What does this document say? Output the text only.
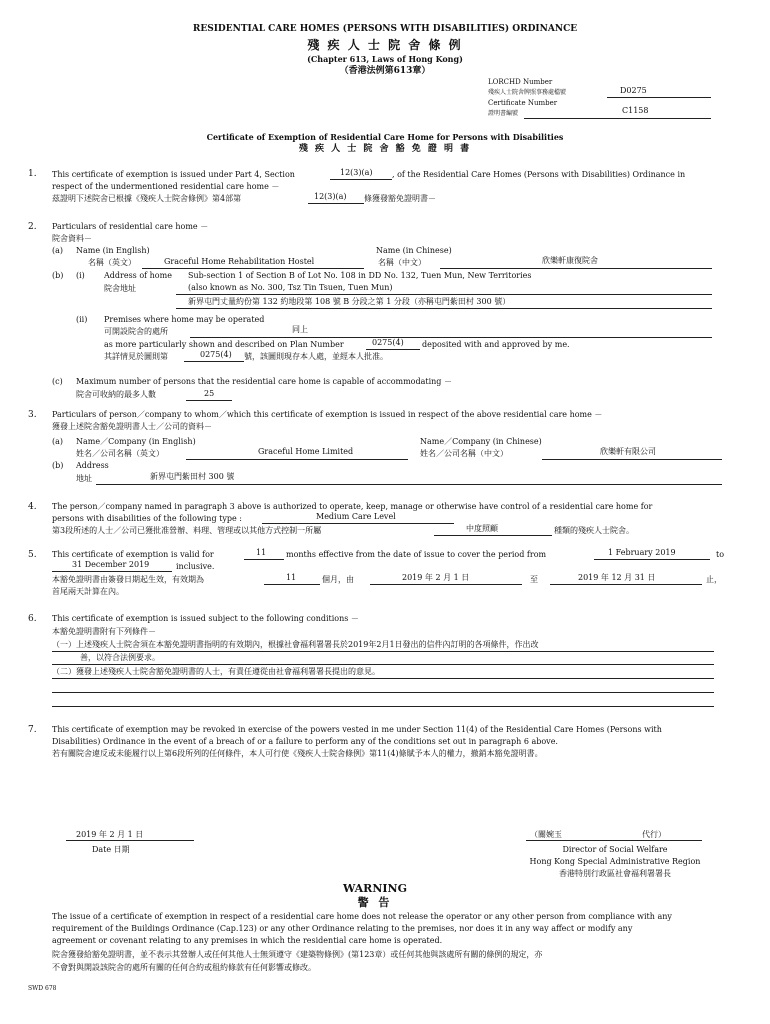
RESIDENTIAL CARE HOMES (PERSONS WITH DISABILITIES) ORDINANCE
殘 疾 人 士 院 舍 條 例
(Chapter 613, Laws of Hong Kong)
（香港法例第613章）
LORCHD Number
殘疾人士院舍牌照事務處檔號	D0275
Certificate Number
證明書編號	C1158
Certificate of Exemption of Residential Care Home for Persons with Disabilities
殘 疾 人 士 院 舍 豁 免 證 明 書
1. This certificate of exemption is issued under Part 4, Section	12(3)(a) , of the Residential Care Homes (Persons with Disabilities) Ordinance in
respect of the undermentioned residential care home －
茲證明下述院舍已根據《殘疾人士院舍條例》第4部第	12(3)(a) 條獲發豁免證明書－
2. Particulars of residential care home －
院舍資料－
(a) Name (in English)
名稱（英文）	Graceful Home Rehabilitation Hostel
Name (in Chinese)
名稱（中文）	欣樂軒康復院舍
(b) (i) Address of home Sub-section 1 of Section B of Lot No. 108 in DD No. 132, Tuen Mun, New Territories
院舍地址	(also known as No. 300, Tsz Tin Tsuen, Tuen Mun)
新界屯門丈量約份第 132 約地段第 108 號 B 分段之第 1 分段（亦稱屯門紫田村 300 號）
(ii) Premises where home may be operated
可開設院舍的處所	同上
as more particularly shown and described on Plan Number	0275(4) deposited with and approved by me.
其詳情見於圖則第	0275(4) 號，該圖則現存本人處，並經本人批准。
(c) Maximum number of persons that the residential care home is capable of accommodating －
院舍可收納的最多人數	25
3. Particulars of person／company to whom／which this certificate of exemption is issued in respect of the above residential care home －
獲發上述院舍豁免證明書人士／公司的資料－
(a) Name／Company (in English)
姓名／公司名稱（英文）	Graceful Home Limited
Name／Company (in Chinese)
姓名／公司名稱（中文）	欣樂軒有限公司
(b) Address
地址	新界屯門紫田村 300 號
4. The person／company named in paragraph 3 above is authorized to operate, keep, manage or otherwise have control of a residential care home for
persons with disabilities of the following type :	Medium Care Level
第3段所述的人士／公司已獲批准營辦、料理、管理或以其他方式控制一所屬	中度照顧	種類的殘疾人士院舍。
5. This certificate of exemption is valid for	11 months effective from the date of issue to cover the period from	1 February 2019	to
31 December 2019	inclusive.
本豁免證明書由簽發日期起生效，有效期為	11	個月，由	2019 年 2 月 1 日	至	2019 年 12 月 31 日	止，
首尾兩天計算在內。
6. This certificate of exemption is issued subject to the following conditions －
本豁免證明書附有下列條件－
（一）上述殘疾人士院舍須在本豁免證明書指明的有效期內，根據社會福利署署長於2019年2月1日發出的信件內訂明的各項條件，作出改
善，以符合法例要求。
（二）獲發上述殘疾人士院舍豁免證明書的人士，有責任遵從由社會福利署署長提出的意見。
7. This certificate of exemption may be revoked in exercise of the powers vested in me under Section 11(4) of the Residential Care Homes (Persons with
Disabilities) Ordinance in the event of a breach of or a failure to perform any of the conditions set out in paragraph 6 above.
若有關院舍違反或未能履行以上第6段所列的任何條件，本人可行使《殘疾人士院舍條例》第11(4)條賦予本人的權力，撤銷本豁免證明書。
2019 年 2 月 1 日
Date 日期
（關婉玉	代行）
Director of Social Welfare
Hong Kong Special Administrative Region
香港特別行政區社會福利署署長
WARNING
警 告
The issue of a certificate of exemption in respect of a residential care home does not release the operator or any other person from compliance with any
requirement of the Buildings Ordinance (Cap.123) or any other Ordinance relating to the premises, nor does it in any way affect or modify any
agreement or covenant relating to any premises in which the residential care home is operated.
院舍獲發給豁免證明書，並不表示其營辦人或任何其他人士無須遵守《建築物條例》(第123章）或任何其他與該處所有關的條例的規定，亦
不會對與開設該院舍的處所有關的任何合約或租約條款有任何影響或修改。
SWD 678
